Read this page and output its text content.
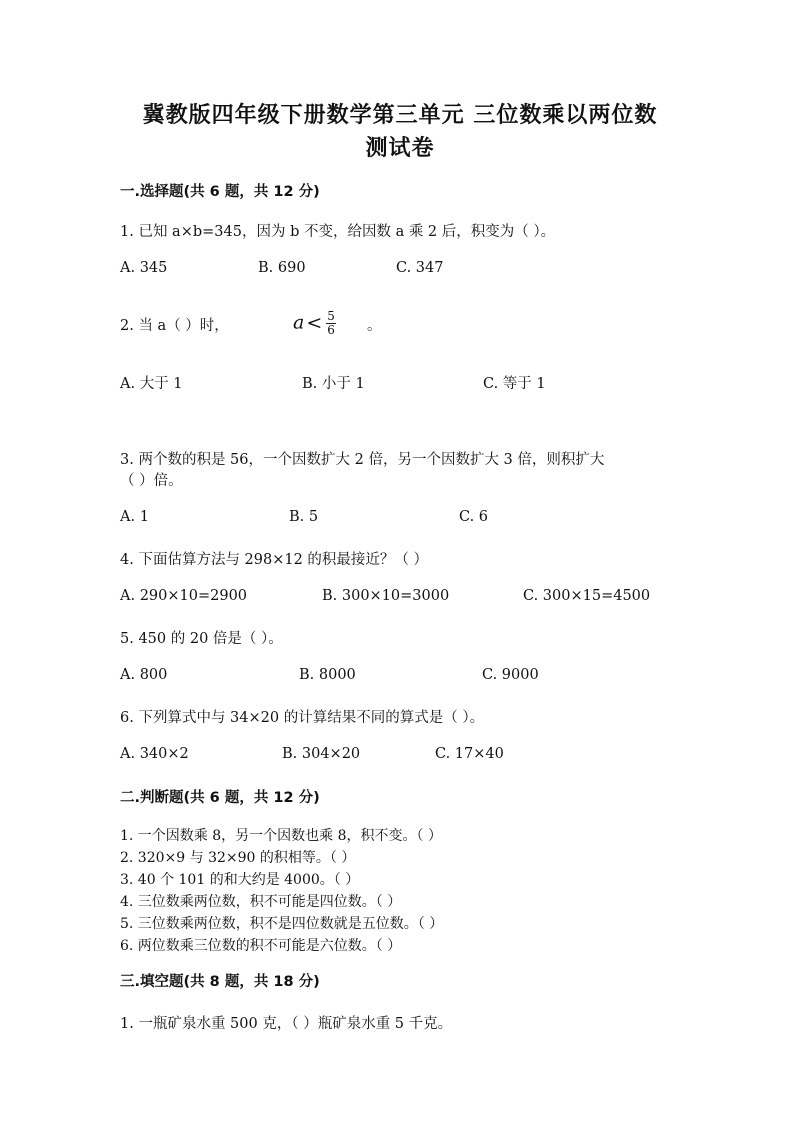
冀教版四年级下册数学第三单元 三位数乘以两位数
测试卷
一.选择题(共 6 题，共 12 分)
1. 已知 a×b=345，因为 b 不变，给因数 a 乘 2 后，积变为（ ）。
A. 345	B. 690	C. 347
2. 当 a（ ）时，	$a < \frac{5}{6}$ 。
A. 大于 1	B. 小于 1	C. 等于 1
3. 两个数的积是 56，一个因数扩大 2 倍，另一个因数扩大 3 倍，则积扩大
（ ）倍。
A. 1	B. 5	C. 6
4. 下面估算方法与 298×12 的积最接近？（ ）
A. 290×10=2900	B. 300×10=3000	C. 300×15=4500
5. 450 的 20 倍是（ ）。
A. 800	B. 8000	C. 9000
6. 下列算式中与 34×20 的计算结果不同的算式是（ ）。
A. 340×2	B. 304×20	C. 17×40
二.判断题(共 6 题，共 12 分)
1. 一个因数乘 8，另一个因数也乘 8，积不变。（ ）
2. 320×9 与 32×90 的积相等。（ ）
3. 40 个 101 的和大约是 4000。（ ）
4. 三位数乘两位数，积不可能是四位数。（ ）
5. 三位数乘两位数，积不是四位数就是五位数。（ ）
6. 两位数乘三位数的积不可能是六位数。（ ）
三.填空题(共 8 题，共 18 分)
1. 一瓶矿泉水重 500 克，（ ）瓶矿泉水重 5 千克。
